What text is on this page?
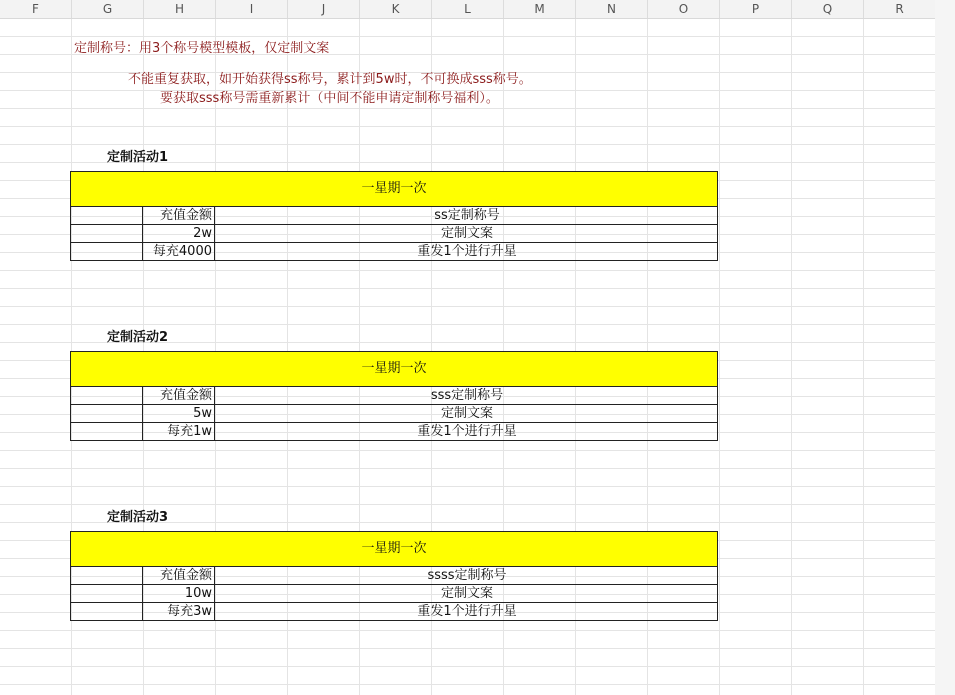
F	G	H	I	J	K	L	M	N	O	P	Q	R
定制称号：用3个称号模型模板，仅定制文案
不能重复获取，如开始获得ss称号，累计到5w时，不可换成sss称号。
要获取sss称号需重新累计（中间不能申请定制称号福利）。
定制活动1
一星期一次
充值金额	ss定制称号
2w	定制文案
每充4000	重发1个进行升星
定制活动2
一星期一次
充值金额	sss定制称号
5w	定制文案
每充1w	重发1个进行升星
定制活动3
一星期一次
充值金额	ssss定制称号
10w	定制文案
每充3w	重发1个进行升星
